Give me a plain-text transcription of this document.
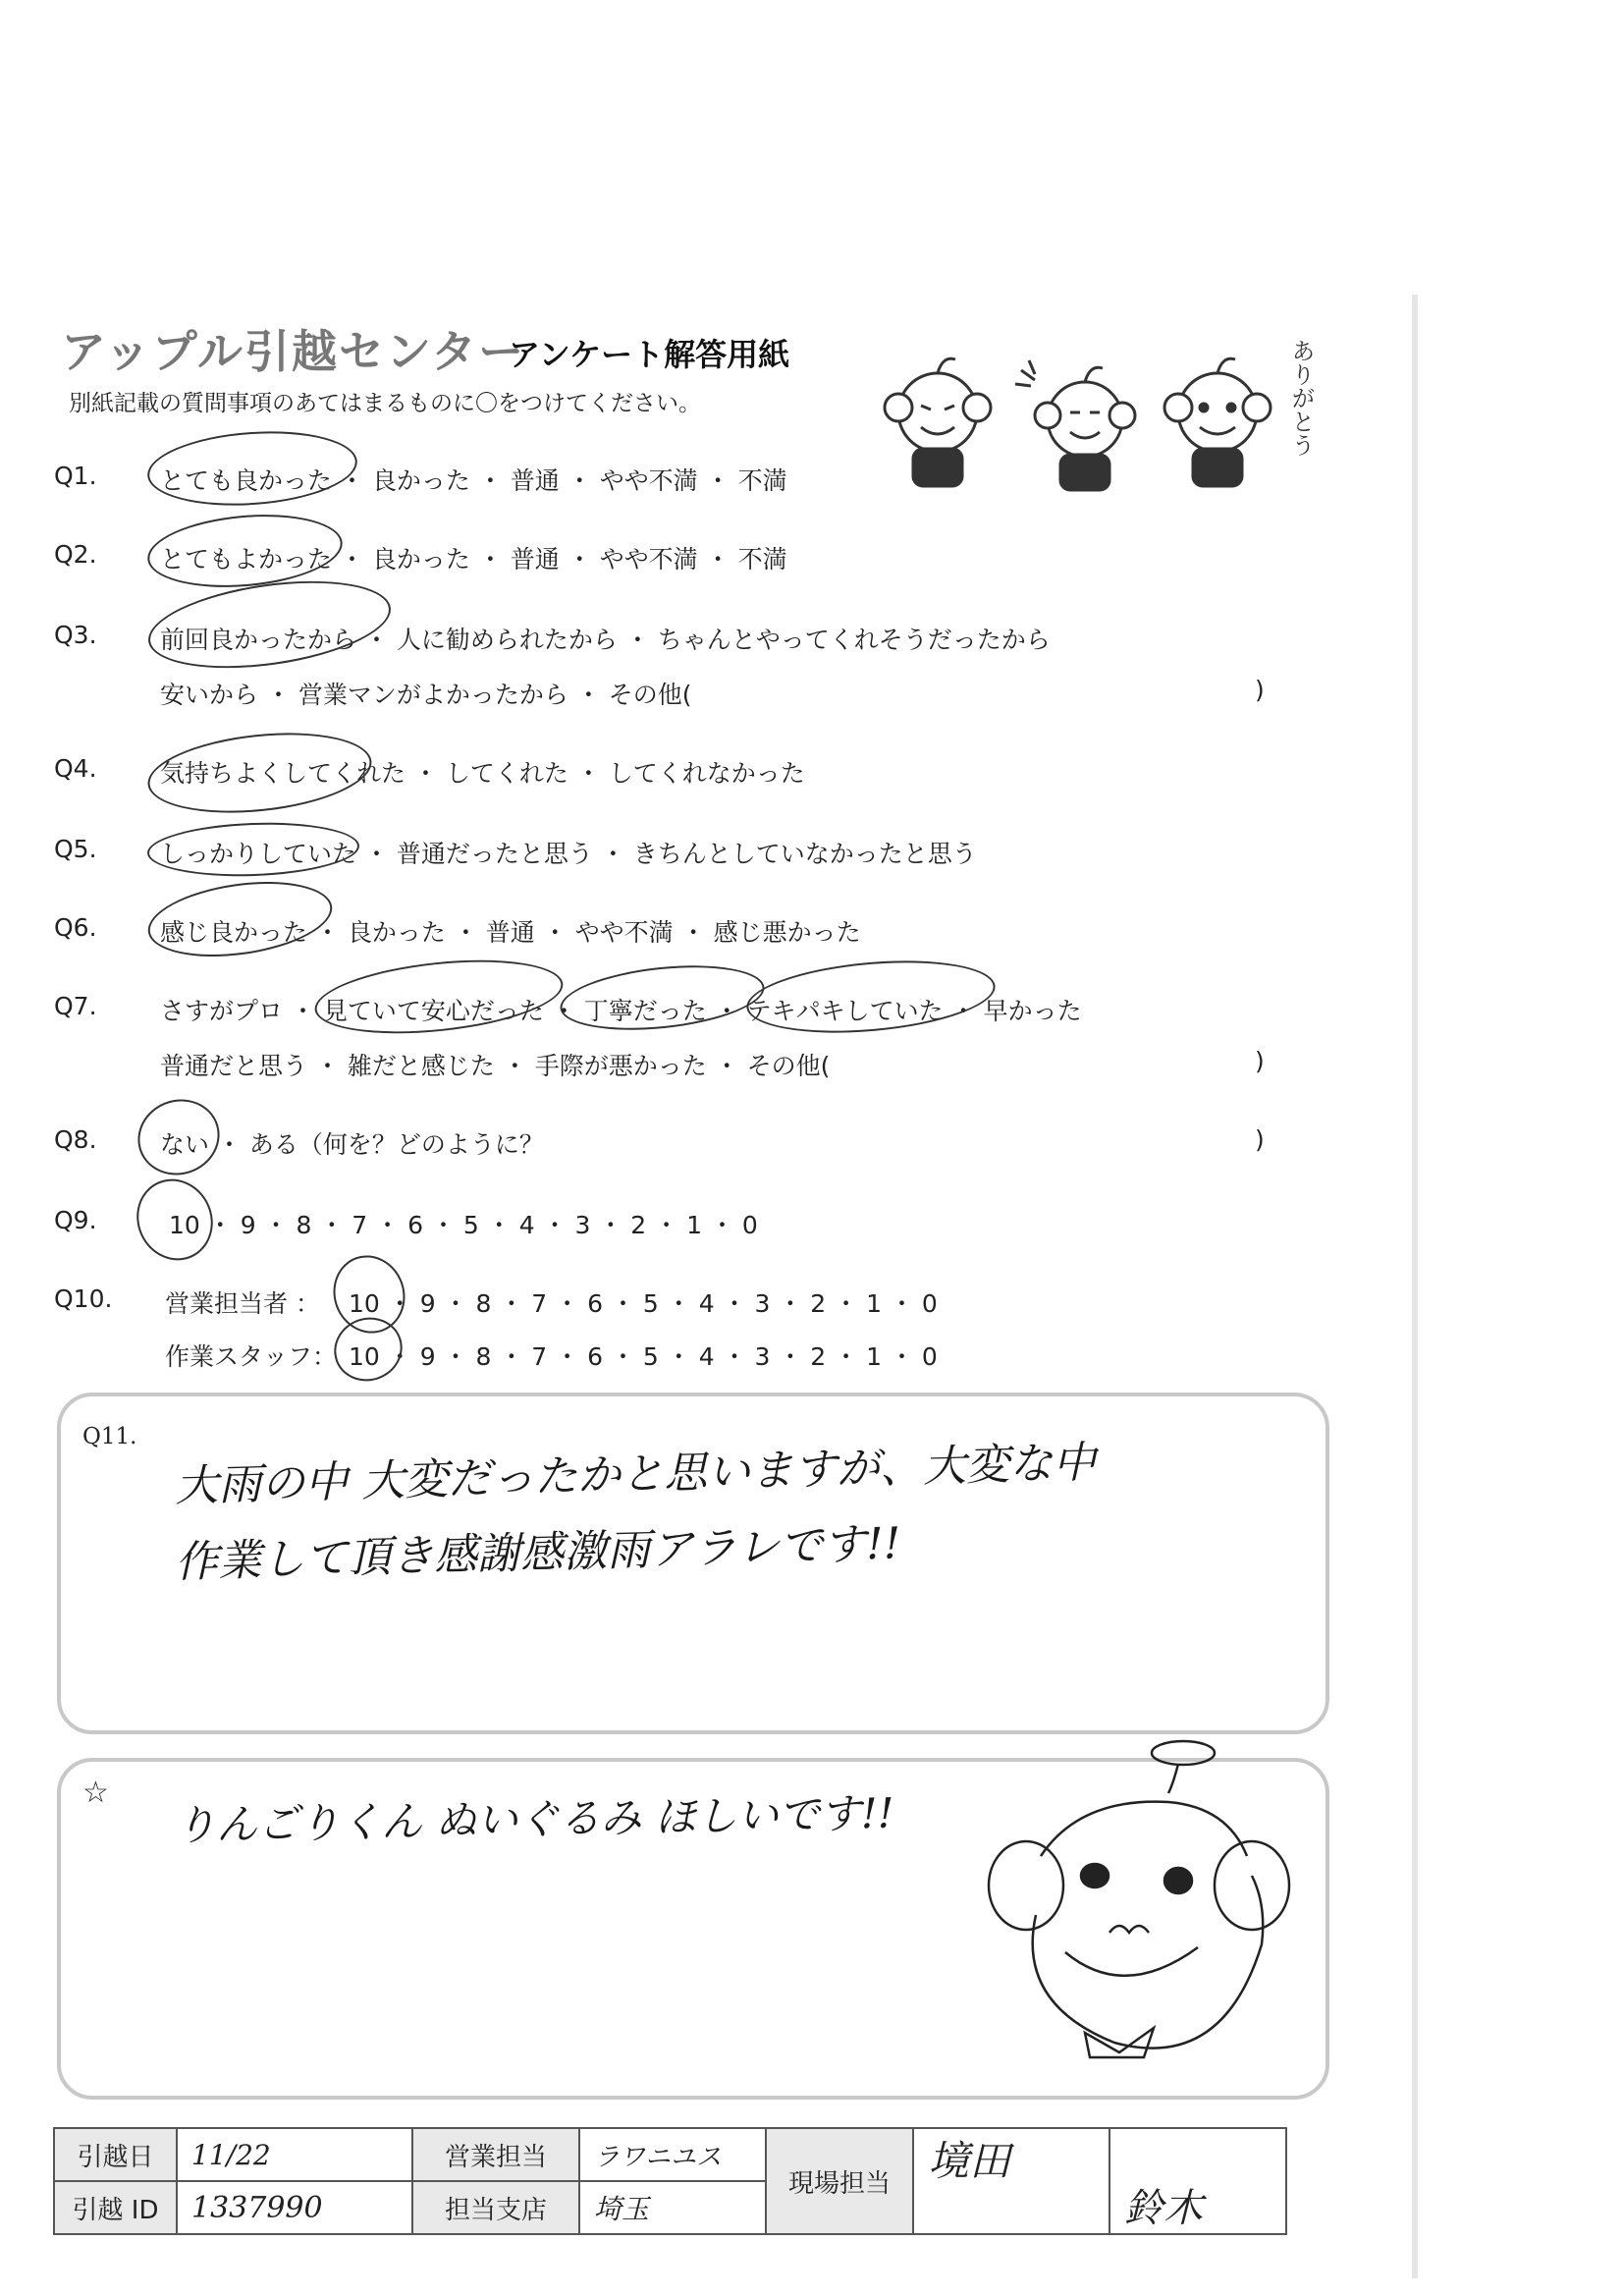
アップル引越センター
アンケート解答用紙
別紙記載の質問事項のあてはまるものに〇をつけてください。	ありがとう
Q1.	とても良かった ・ 良かった ・ 普通 ・ やや不満 ・ 不満
Q2.	とてもよかった ・ 良かった ・ 普通 ・ やや不満 ・ 不満
Q3.	前回良かったから ・ 人に勧められたから ・ ちゃんとやってくれそうだったから
安いから ・ 営業マンがよかったから ・ その他(	)
Q4.	気持ちよくしてくれた ・ してくれた ・ してくれなかった
Q5.	しっかりしていた ・ 普通だったと思う ・ きちんとしていなかったと思う
Q6.	感じ良かった ・ 良かった ・ 普通 ・ やや不満 ・ 感じ悪かった
Q7.	さすがプロ ・ 見ていて安心だった ・ 丁寧だった ・ テキパキしていた ・ 早かった
普通だと思う ・ 雑だと感じた ・ 手際が悪かった ・ その他(	)
Q8.	ない ・ ある（何を？どのように？	)
Q9.	10 ・ 9 ・ 8 ・ 7 ・ 6 ・ 5 ・ 4 ・ 3 ・ 2 ・ 1 ・ 0
Q10. 営業担当者 ： 10 ・ 9 ・ 8 ・ 7 ・ 6 ・ 5 ・ 4 ・ 3 ・ 2 ・ 1 ・ 0
作業スタッフ： 10 ・ 9 ・ 8 ・ 7 ・ 6 ・ 5 ・ 4 ・ 3 ・ 2 ・ 1 ・ 0
Q11.
大雨の中 大変だったかと思いますが、大変な中
作業して頂き感謝感激雨アラレです!!
☆ りんごりくん ぬいぐるみ ほしいです!!
引越日	11/22	営業担当	ラワニユス	現場担当	境田	鈴木
引越 ID	1337990	担当支店	埼玉			
